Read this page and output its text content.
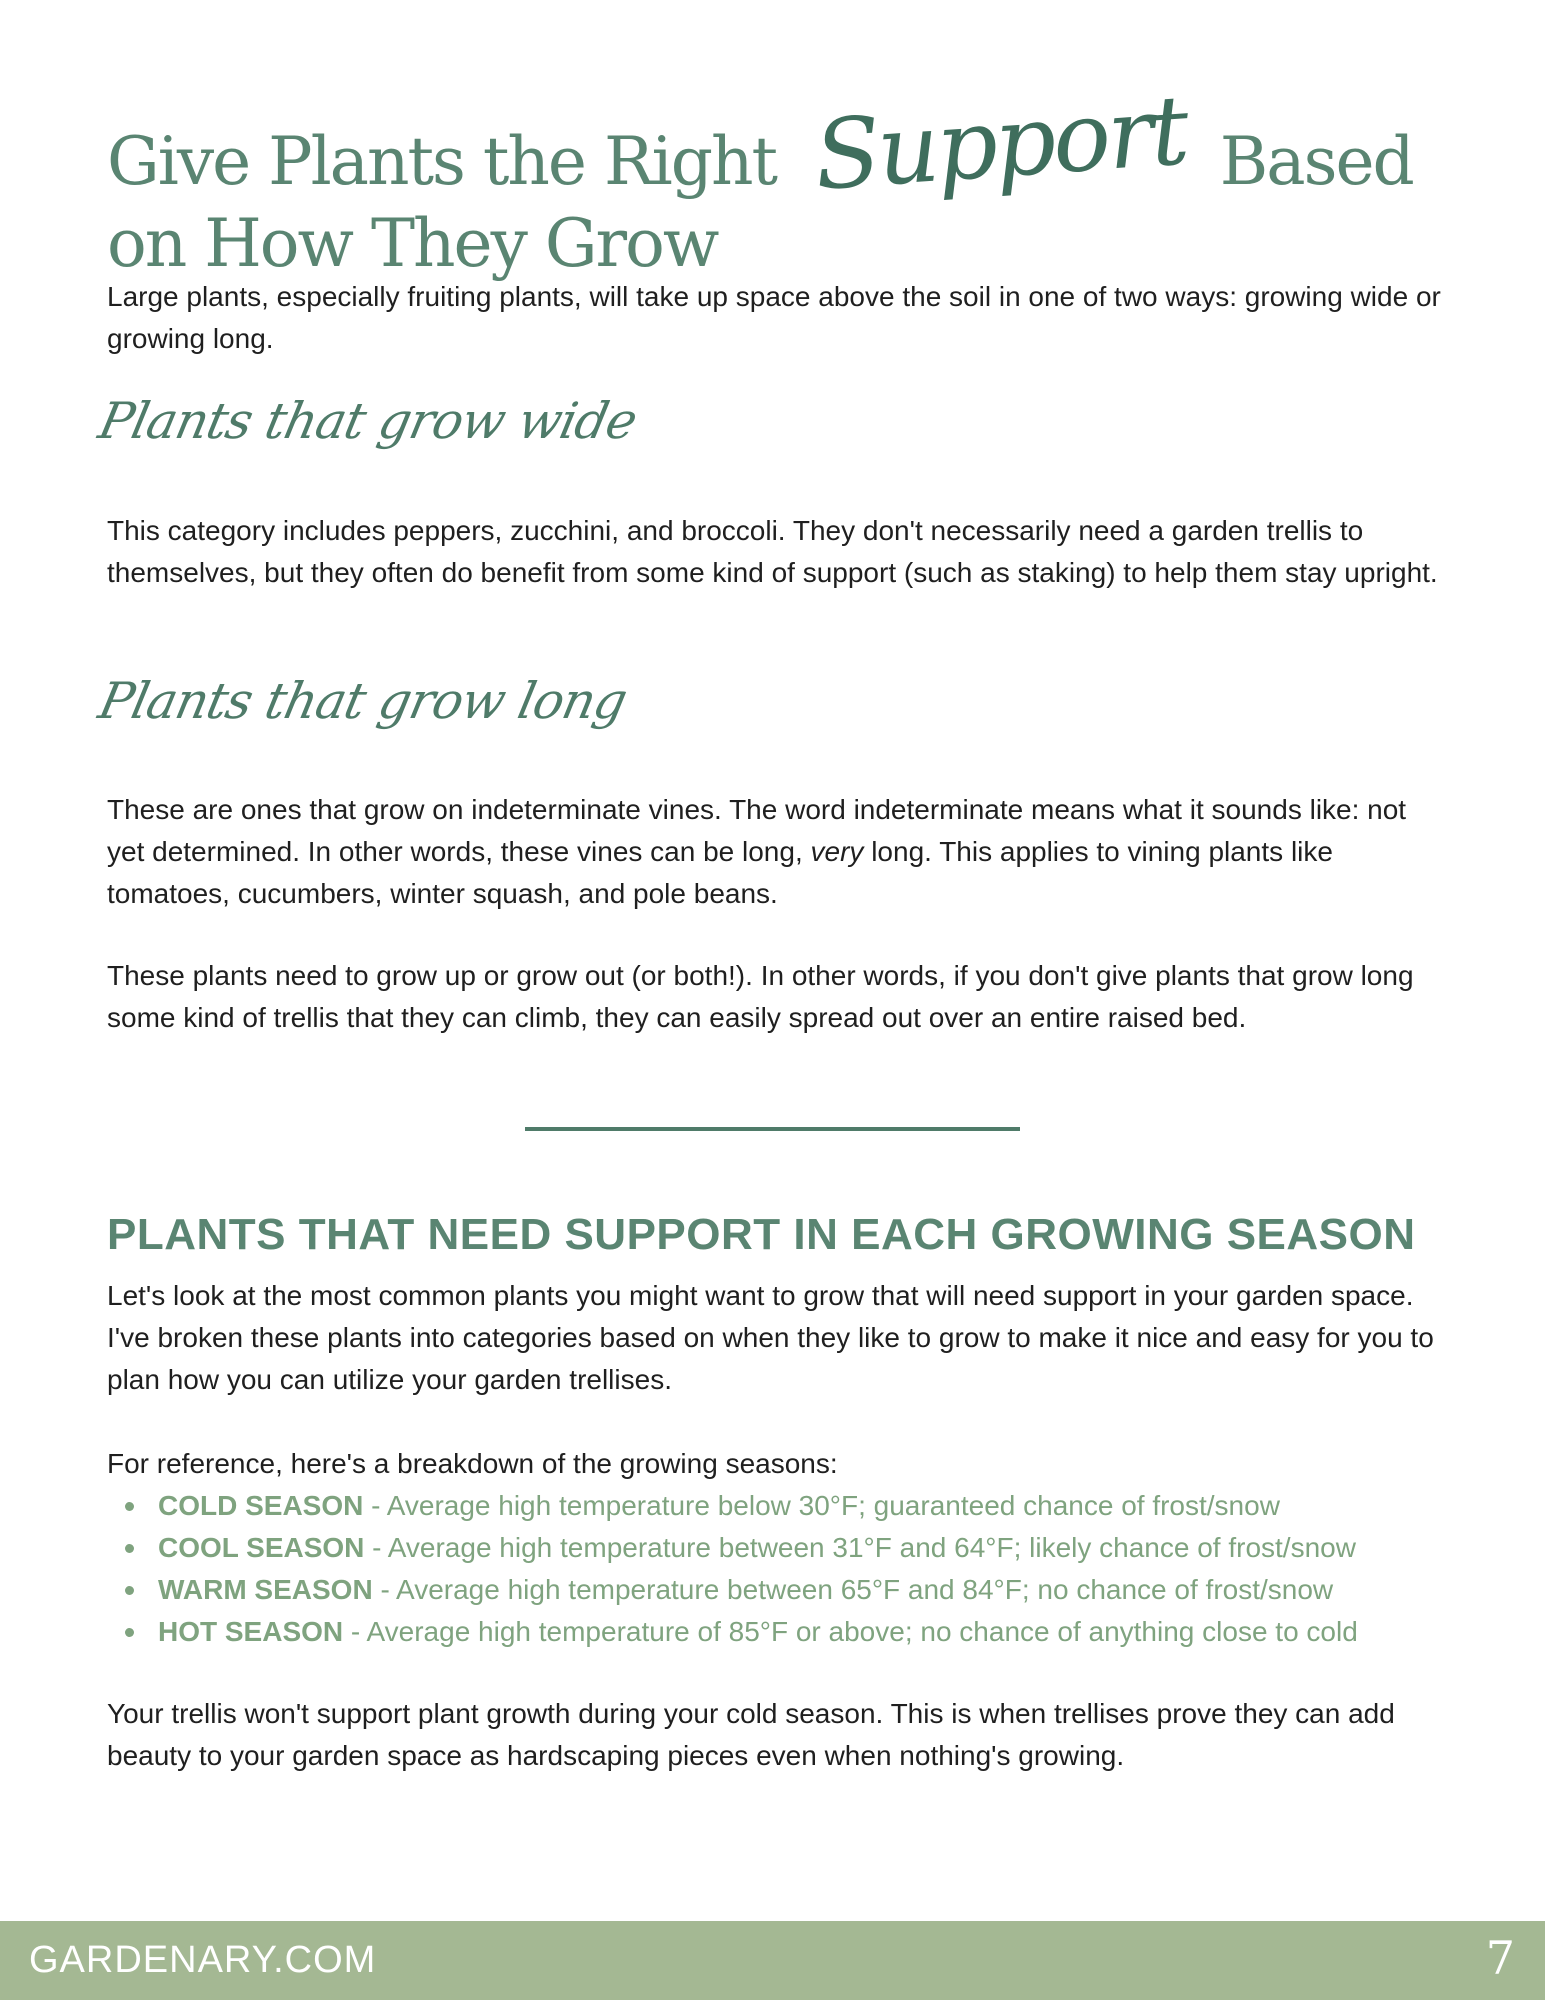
Give Plants the Right Support Based on How They Grow

Large plants, especially fruiting plants, will take up space above the soil in one of two ways: growing wide or growing long.

Plants that grow wide

This category includes peppers, zucchini, and broccoli. They don't necessarily need a garden trellis to themselves, but they often do benefit from some kind of support (such as staking) to help them stay upright.

Plants that grow long

These are ones that grow on indeterminate vines. The word indeterminate means what it sounds like: not yet determined. In other words, these vines can be long, very long. This applies to vining plants like tomatoes, cucumbers, winter squash, and pole beans.

These plants need to grow up or grow out (or both!). In other words, if you don't give plants that grow long some kind of trellis that they can climb, they can easily spread out over an entire raised bed.

PLANTS THAT NEED SUPPORT IN EACH GROWING SEASON

Let's look at the most common plants you might want to grow that will need support in your garden space. I've broken these plants into categories based on when they like to grow to make it nice and easy for you to plan how you can utilize your garden trellises.

For reference, here's a breakdown of the growing seasons:

COLD SEASON - Average high temperature below 30°F; guaranteed chance of frost/snow
COOL SEASON - Average high temperature between 31°F and 64°F; likely chance of frost/snow
WARM SEASON - Average high temperature between 65°F and 84°F; no chance of frost/snow
HOT SEASON - Average high temperature of 85°F or above; no chance of anything close to cold

Your trellis won't support plant growth during your cold season. This is when trellises prove they can add beauty to your garden space as hardscaping pieces even when nothing's growing.

GARDENARY.COM	7
